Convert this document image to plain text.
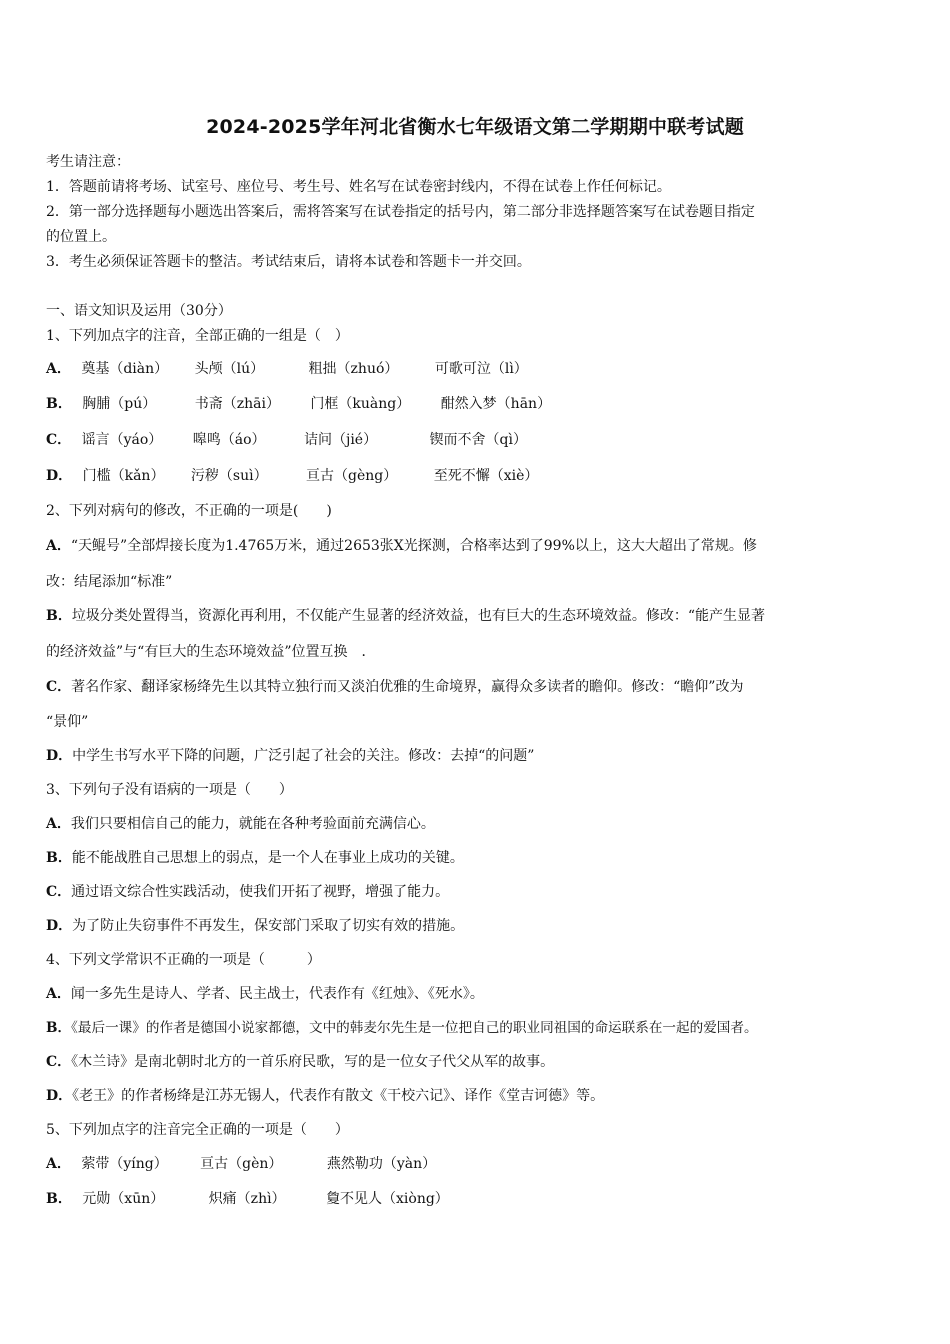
2024-2025学年河北省衡水七年级语文第二学期期中联考试题
考生请注意：
1．答题前请将考场、试室号、座位号、考生号、姓名写在试卷密封线内，不得在试卷上作任何标记。
2．第一部分选择题每小题选出答案后，需将答案写在试卷指定的括号内，第二部分非选择题答案写在试卷题目指定
的位置上。
3．考生必须保证答题卡的整洁。考试结束后，请将本试卷和答题卡一并交回。
一、语文知识及运用（30分）
1、下列加点字的注音，全部正确的一组是（　）
A． 奠基（diàn） 头颅（lú）	粗拙（zhuó）	可歌可泣（lì）
B． 胸脯（pú）	书斋（zhāi） 门框（kuàng） 酣然入梦（hān）
C． 谣言（yáo） 嗥鸣（áo）	诘问（jié）	锲而不舍（qì）
D． 门槛（kǎn） 污秽（suì）	亘古（gèng）	至死不懈（xiè）
2、下列对病句的修改，不正确的一项是(　　)
A．“天鲲号”全部焊接长度为1.4765万米，通过2653张X光探测，合格率达到了99%以上，这大大超出了常规。修
改：结尾添加“标准”
B．垃圾分类处置得当，资源化再利用，不仅能产生显著的经济效益，也有巨大的生态环境效益。修改：“能产生显著
的经济效益”与“有巨大的生态环境效益”位置互换　．
C．著名作家、翻译家杨绛先生以其特立独行而又淡泊优雅的生命境界，赢得众多读者的瞻仰。修改：“瞻仰”改为
“景仰”
D．中学生书写水平下降的问题，广泛引起了社会的关注。修改：去掉“的问题”
3、下列句子没有语病的一项是（　　）
A．我们只要相信自己的能力，就能在各种考验面前充满信心。
B．能不能战胜自己思想上的弱点，是一个人在事业上成功的关键。
C．通过语文综合性实践活动，使我们开拓了视野，增强了能力。
D．为了防止失窃事件不再发生，保安部门采取了切实有效的措施。
4、下列文学常识不正确的一项是（　　　）
A．闻一多先生是诗人、学者、民主战士，代表作有《红烛》、《死水》。
B．《最后一课》的作者是德国小说家都德，文中的韩麦尔先生是一位把自己的职业同祖国的命运联系在一起的爱国者。
C．《木兰诗》是南北朝时北方的一首乐府民歌，写的是一位女子代父从军的故事。
D．《老王》的作者杨绛是江苏无锡人，代表作有散文《干校六记》、译作《堂吉诃德》等。
5、下列加点字的注音完全正确的一项是（　　）
A． 萦带（yíng） 亘古（gèn）	燕然勒功（yàn）
B． 元勋（xūn）	炽痛（zhì）	敻不见人（xiòng）
